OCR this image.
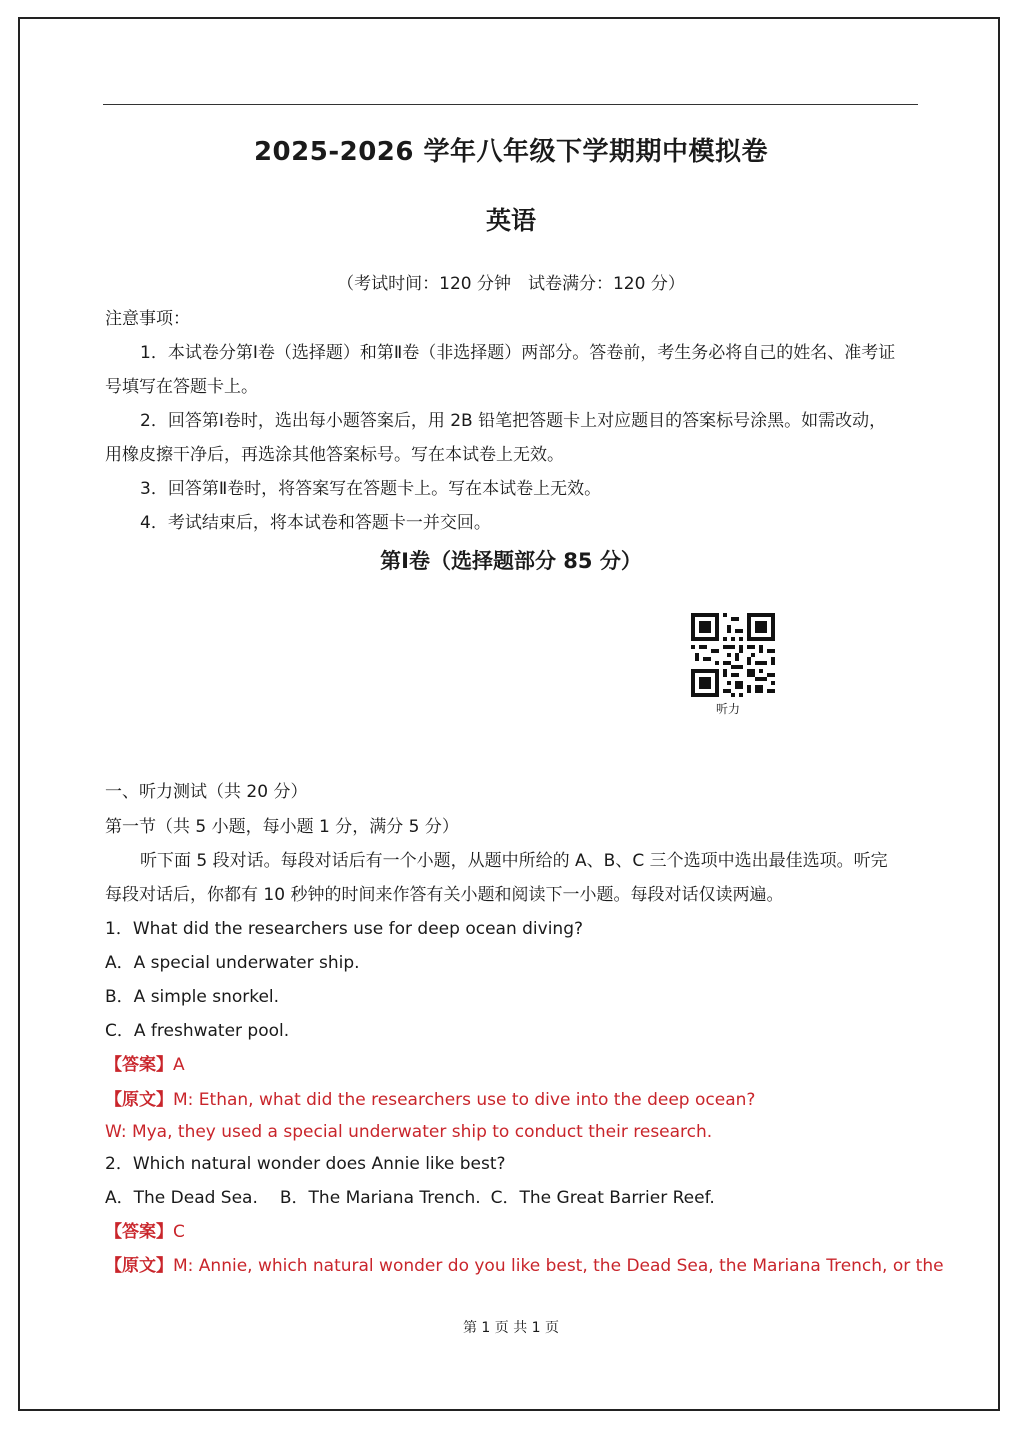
2025-2026 学年八年级下学期期中模拟卷
英语
（考试时间：120 分钟　试卷满分：120 分）
注意事项：
1．本试卷分第Ⅰ卷（选择题）和第Ⅱ卷（非选择题）两部分。答卷前，考生务必将自己的姓名、准考证
号填写在答题卡上。
2．回答第Ⅰ卷时，选出每小题答案后，用 2B 铅笔把答题卡上对应题目的答案标号涂黑。如需改动，
用橡皮擦干净后，再选涂其他答案标号。写在本试卷上无效。
3．回答第Ⅱ卷时，将答案写在答题卡上。写在本试卷上无效。
4．考试结束后，将本试卷和答题卡一并交回。
第Ⅰ卷（选择题部分 85 分）
听力
一、听力测试（共 20 分）
第一节（共 5 小题，每小题 1 分，满分 5 分）
听下面 5 段对话。每段对话后有一个小题，从题中所给的 A、B、C 三个选项中选出最佳选项。听完
每段对话后，你都有 10 秒钟的时间来作答有关小题和阅读下一小题。每段对话仅读两遍。
1．What did the researchers use for deep ocean diving?
A．A special underwater ship.
B．A simple snorkel.
C．A freshwater pool.
【答案】A
【原文】M: Ethan, what did the researchers use to dive into the deep ocean?
W: Mya, they used a special underwater ship to conduct their research.
2．Which natural wonder does Annie like best?
A．The Dead Sea. B．The Mariana Trench. C．The Great Barrier Reef.
【答案】C
【原文】M: Annie, which natural wonder do you like best, the Dead Sea, the Mariana Trench, or the
第 1 页 共 1 页
